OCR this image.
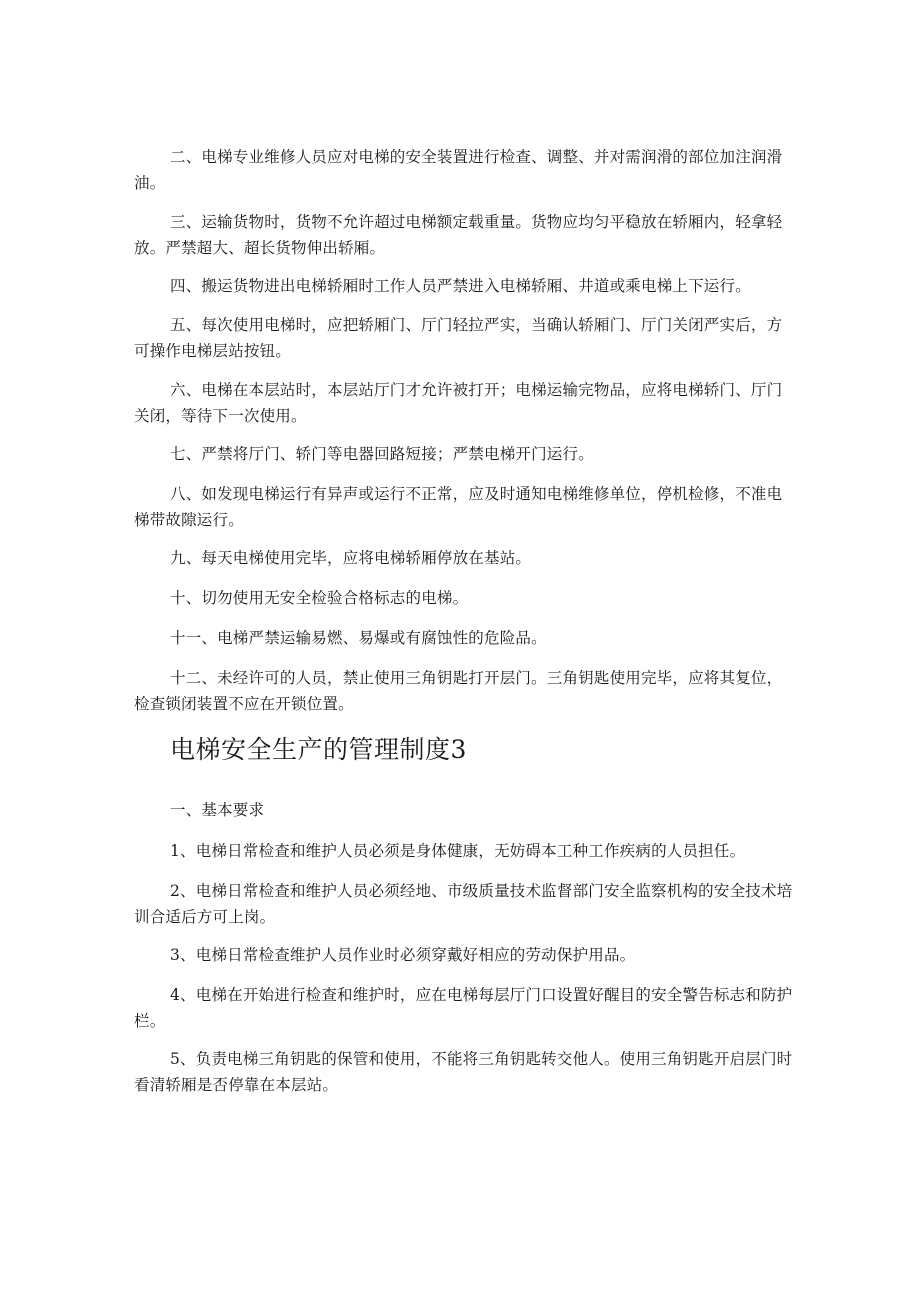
二、电梯专业维修人员应对电梯的安全装置进行检查、调整、并对需润滑的部位加注润滑油。

三、运输货物时，货物不允许超过电梯额定载重量。货物应均匀平稳放在轿厢内，轻拿轻放。严禁超大、超长货物伸出轿厢。

四、搬运货物进出电梯轿厢时工作人员严禁进入电梯轿厢、井道或乘电梯上下运行。

五、每次使用电梯时，应把轿厢门、厅门轻拉严实，当确认轿厢门、厅门关闭严实后，方可操作电梯层站按钮。

六、电梯在本层站时，本层站厅门才允许被打开；电梯运输完物品，应将电梯轿门、厅门关闭，等待下一次使用。

七、严禁将厅门、轿门等电器回路短接；严禁电梯开门运行。

八、如发现电梯运行有异声或运行不正常，应及时通知电梯维修单位，停机检修，不准电梯带故隙运行。

九、每天电梯使用完毕，应将电梯轿厢停放在基站。

十、切勿使用无安全检验合格标志的电梯。

十一、电梯严禁运输易燃、易爆或有腐蚀性的危险品。

十二、未经许可的人员，禁止使用三角钥匙打开层门。三角钥匙使用完毕，应将其复位，检查锁闭装置不应在开锁位置。

电梯安全生产的管理制度3

一、基本要求

1、电梯日常检查和维护人员必须是身体健康，无妨碍本工种工作疾病的人员担任。

2、电梯日常检查和维护人员必须经地、市级质量技术监督部门安全监察机构的安全技术培训合适后方可上岗。

3、电梯日常检查维护人员作业时必须穿戴好相应的劳动保护用品。

4、电梯在开始进行检查和维护时，应在电梯每层厅门口设置好醒目的安全警告标志和防护栏。

5、负责电梯三角钥匙的保管和使用，不能将三角钥匙转交他人。使用三角钥匙开启层门时看清轿厢是否停靠在本层站。
